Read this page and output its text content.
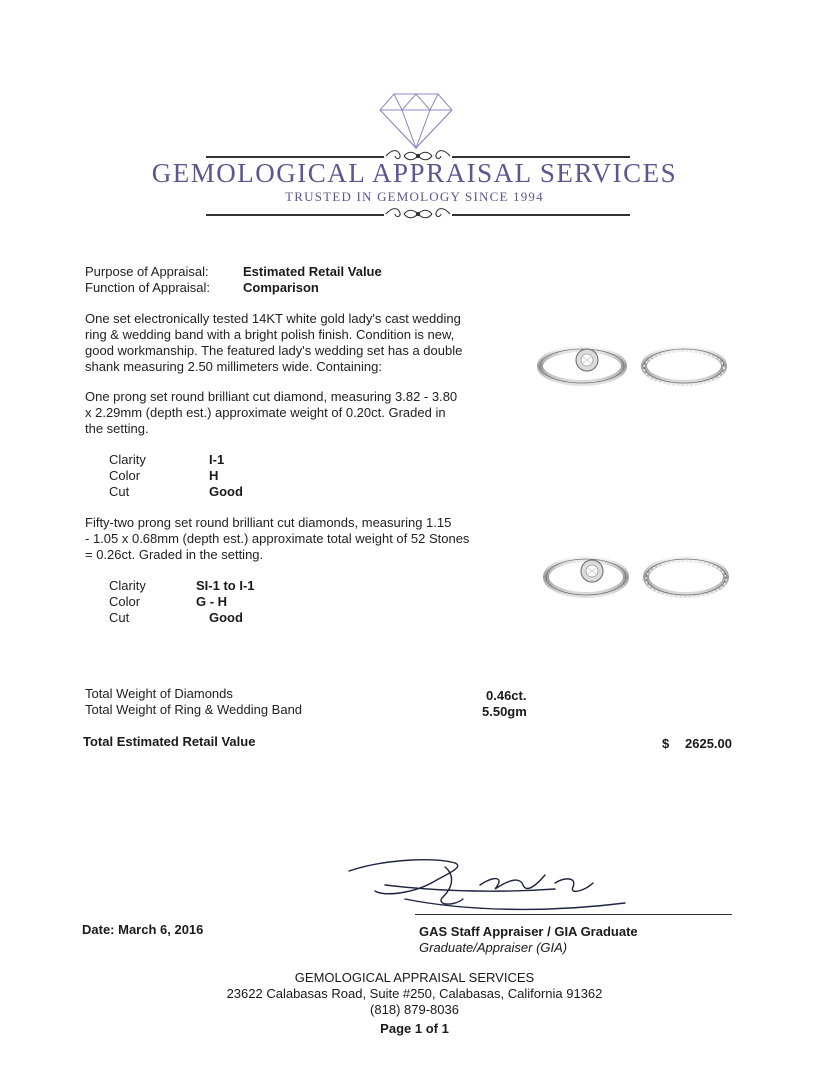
GEMOLOGICAL APPRAISAL SERVICES
TRUSTED IN GEMOLOGY SINCE 1994
Purpose of Appraisal:	Estimated Retail Value
Function of Appraisal:	Comparison
One set electronically tested 14KT white gold lady's cast wedding
ring & wedding band with a bright polish finish. Condition is new,
good workmanship. The featured lady's wedding set has a double
shank measuring 2.50 millimeters wide. Containing:
One prong set round brilliant cut diamond, measuring 3.82 - 3.80
x 2.29mm (depth est.) approximate weight of 0.20ct. Graded in
the setting.
Clarity	I-1
Color	H
Cut	Good
Fifty-two prong set round brilliant cut diamonds, measuring 1.15
- 1.05 x 0.68mm (depth est.) approximate total weight of 52 Stones
= 0.26ct. Graded in the setting.
Clarity	SI-1 to I-1
Color	G - H
Cut	Good
Total Weight of Diamonds	0.46ct.
Total Weight of Ring & Wedding Band	5.50gm
Total Estimated Retail Value	$ 2625.00
Date: March 6, 2016	GAS Staff Appraiser / GIA Graduate
Graduate/Appraiser (GIA)
GEMOLOGICAL APPRAISAL SERVICES
23622 Calabasas Road, Suite #250, Calabasas, California 91362
(818) 879-8036
Page 1 of 1
